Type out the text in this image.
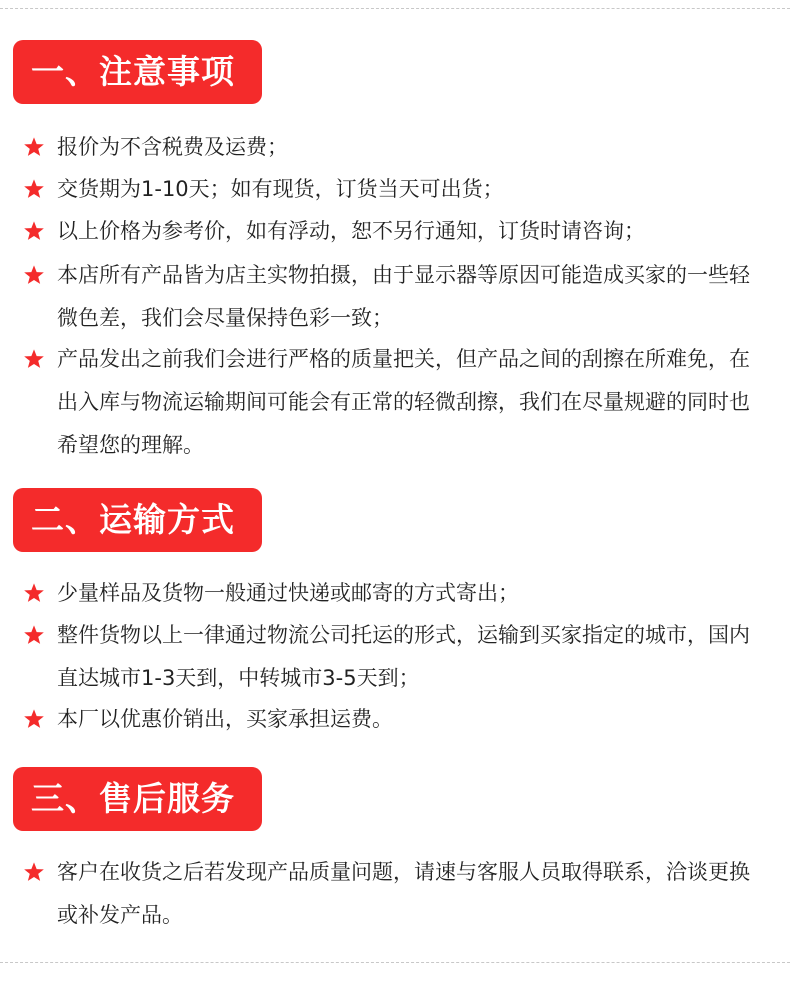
一、注意事项
报价为不含税费及运费；
交货期为1-10天；如有现货，订货当天可出货；
以上价格为参考价，如有浮动，恕不另行通知，订货时请咨询；
本店所有产品皆为店主实物拍摄，由于显示器等原因可能造成买家的一些轻微色差，我们会尽量保持色彩一致；
产品发出之前我们会进行严格的质量把关，但产品之间的刮擦在所难免，在出入库与物流运输期间可能会有正常的轻微刮擦，我们在尽量规避的同时也希望您的理解。
二、运输方式
少量样品及货物一般通过快递或邮寄的方式寄出；
整件货物以上一律通过物流公司托运的形式，运输到买家指定的城市，国内直达城市1-3天到，中转城市3-5天到；
本厂以优惠价销出，买家承担运费。
三、售后服务
客户在收货之后若发现产品质量问题，请速与客服人员取得联系，洽谈更换或补发产品。
